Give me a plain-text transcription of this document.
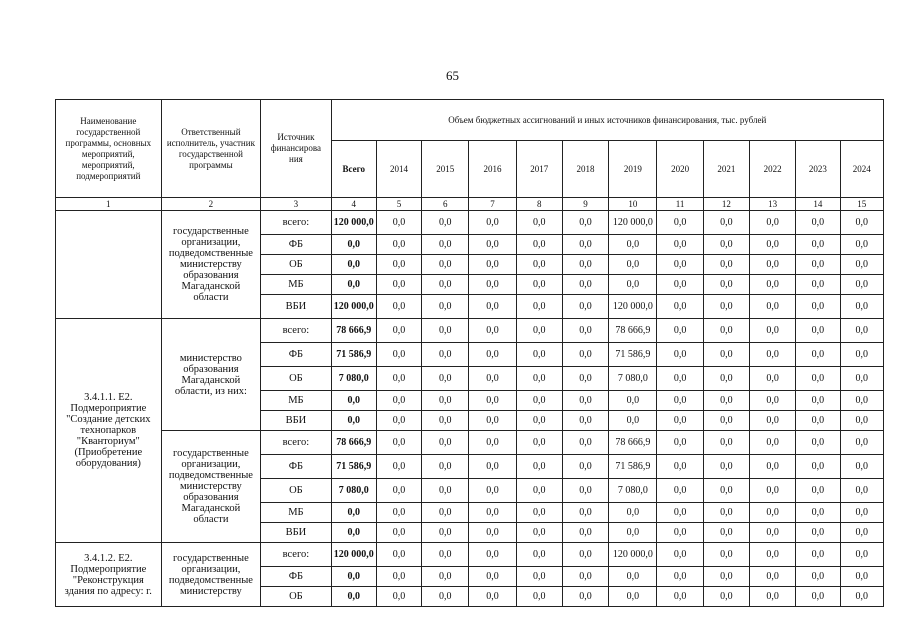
65
Наименование государственной программы, основных мероприятий, мероприятий, подмероприятий	Ответственный исполнитель, участник государственной программы	Источник финансирова ния	Объем бюджетных ассигнований и иных источников финансирования, тыс. рублей											
			Всего	2014	2015	2016	2017	2018	2019	2020	2021	2022	2023	2024
1	2	3	4	5	6	7	8	9	10	11	12	13	14	15
	государственные организации, подведомственные министерству образования Магаданской области	всего:	120 000,0	0,0	0,0	0,0	0,0	0,0	120 000,0	0,0	0,0	0,0	0,0	0,0
		ФБ	0,0	0,0	0,0	0,0	0,0	0,0	0,0	0,0	0,0	0,0	0,0	0,0
		ОБ	0,0	0,0	0,0	0,0	0,0	0,0	0,0	0,0	0,0	0,0	0,0	0,0
		МБ	0,0	0,0	0,0	0,0	0,0	0,0	0,0	0,0	0,0	0,0	0,0	0,0
		ВБИ	120 000,0	0,0	0,0	0,0	0,0	0,0	120 000,0	0,0	0,0	0,0	0,0	0,0
3.4.1.1. Е2. Подмероприятие "Создание детских технопарков "Кванториум" (Приобретение оборудования)	министерство образования Магаданской области, из них:	всего:	78 666,9	0,0	0,0	0,0	0,0	0,0	78 666,9	0,0	0,0	0,0	0,0	0,0
		ФБ	71 586,9	0,0	0,0	0,0	0,0	0,0	71 586,9	0,0	0,0	0,0	0,0	0,0
		ОБ	7 080,0	0,0	0,0	0,0	0,0	0,0	7 080,0	0,0	0,0	0,0	0,0	0,0
		МБ	0,0	0,0	0,0	0,0	0,0	0,0	0,0	0,0	0,0	0,0	0,0	0,0
		ВБИ	0,0	0,0	0,0	0,0	0,0	0,0	0,0	0,0	0,0	0,0	0,0	0,0
	государственные организации, подведомственные министерству образования Магаданской области	всего:	78 666,9	0,0	0,0	0,0	0,0	0,0	78 666,9	0,0	0,0	0,0	0,0	0,0
		ФБ	71 586,9	0,0	0,0	0,0	0,0	0,0	71 586,9	0,0	0,0	0,0	0,0	0,0
		ОБ	7 080,0	0,0	0,0	0,0	0,0	0,0	7 080,0	0,0	0,0	0,0	0,0	0,0
		МБ	0,0	0,0	0,0	0,0	0,0	0,0	0,0	0,0	0,0	0,0	0,0	0,0
		ВБИ	0,0	0,0	0,0	0,0	0,0	0,0	0,0	0,0	0,0	0,0	0,0	0,0
3.4.1.2. Е2. Подмероприятие "Реконструкция здания по адресу: г.	государственные организации, подведомственные министерству	всего:	120 000,0	0,0	0,0	0,0	0,0	0,0	120 000,0	0,0	0,0	0,0	0,0	0,0
		ФБ	0,0	0,0	0,0	0,0	0,0	0,0	0,0	0,0	0,0	0,0	0,0	0,0
		ОБ	0,0	0,0	0,0	0,0	0,0	0,0	0,0	0,0	0,0	0,0	0,0	0,0
